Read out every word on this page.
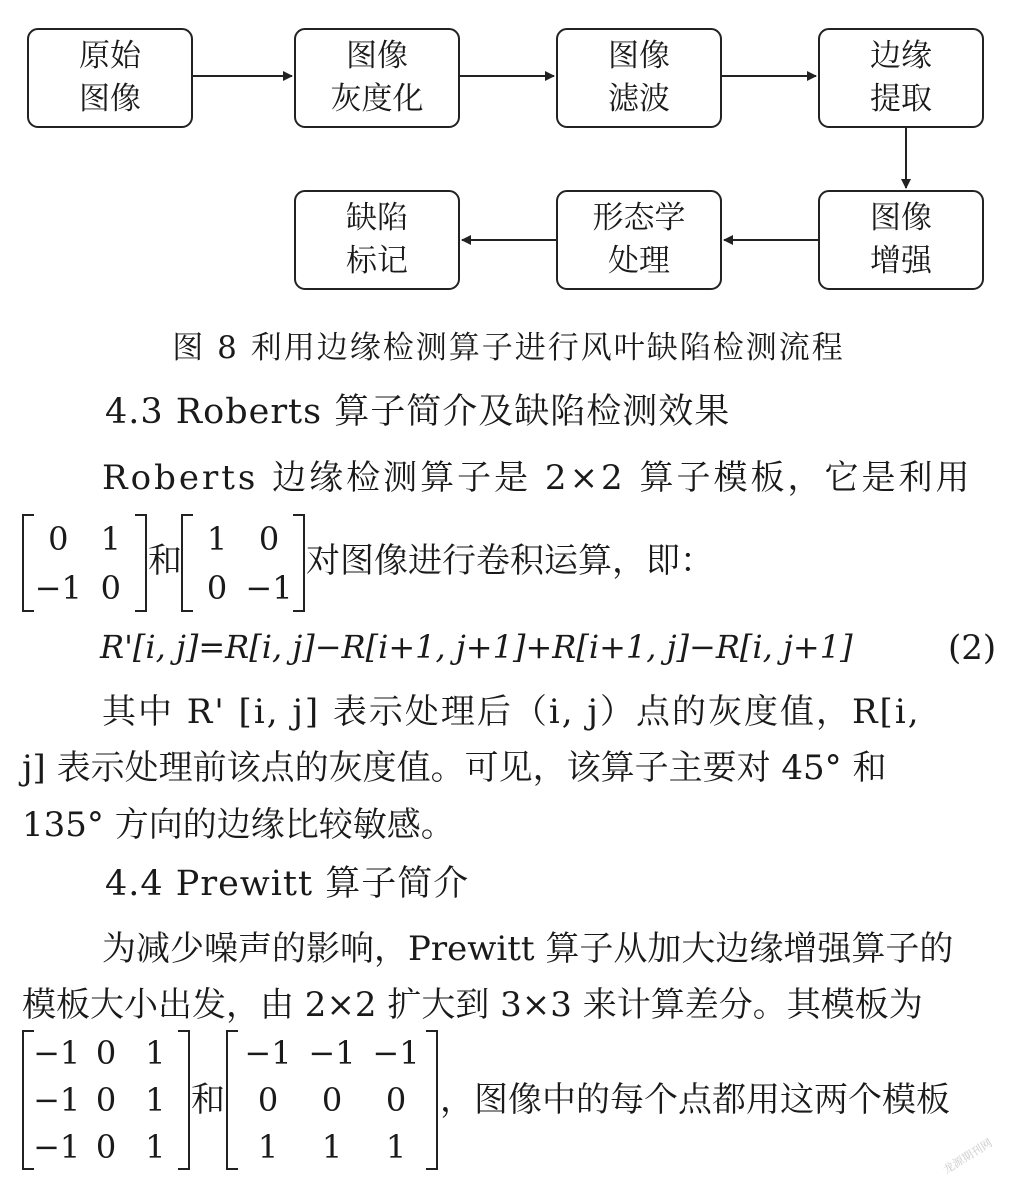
原始
图像
图像
灰度化
图像
滤波
边缘
提取
缺陷
标记
形态学
处理
图像
增强
图 8 利用边缘检测算子进行风叶缺陷检测流程
4.3 Roberts 算子简介及缺陷检测效果
Roberts 边缘检测算子是 2×2 算子模板，它是利用
0	1
−1 0
和
1 0
0 −1
对图像进行卷积运算，即：
R'[i, j]=R[i, j]−R[i+1, j+1]+R[i+1, j]−R[i, j+1]	(2)
其中 R' [i, j] 表示处理后（i, j）点的灰度值，R[i,
j] 表示处理前该点的灰度值。可见，该算子主要对 45° 和
135° 方向的边缘比较敏感。
4.4 Prewitt 算子简介
为减少噪声的影响，Prewitt 算子从加大边缘增强算子的
模板大小出发，由 2×2 扩大到 3×3 来计算差分。其模板为
−1 0 1
−1 0 1
−1 0 1
和
−1 −1 −1
0	0	0
1	1	1
，图像中的每个点都用这两个模板
龙源期刊网
